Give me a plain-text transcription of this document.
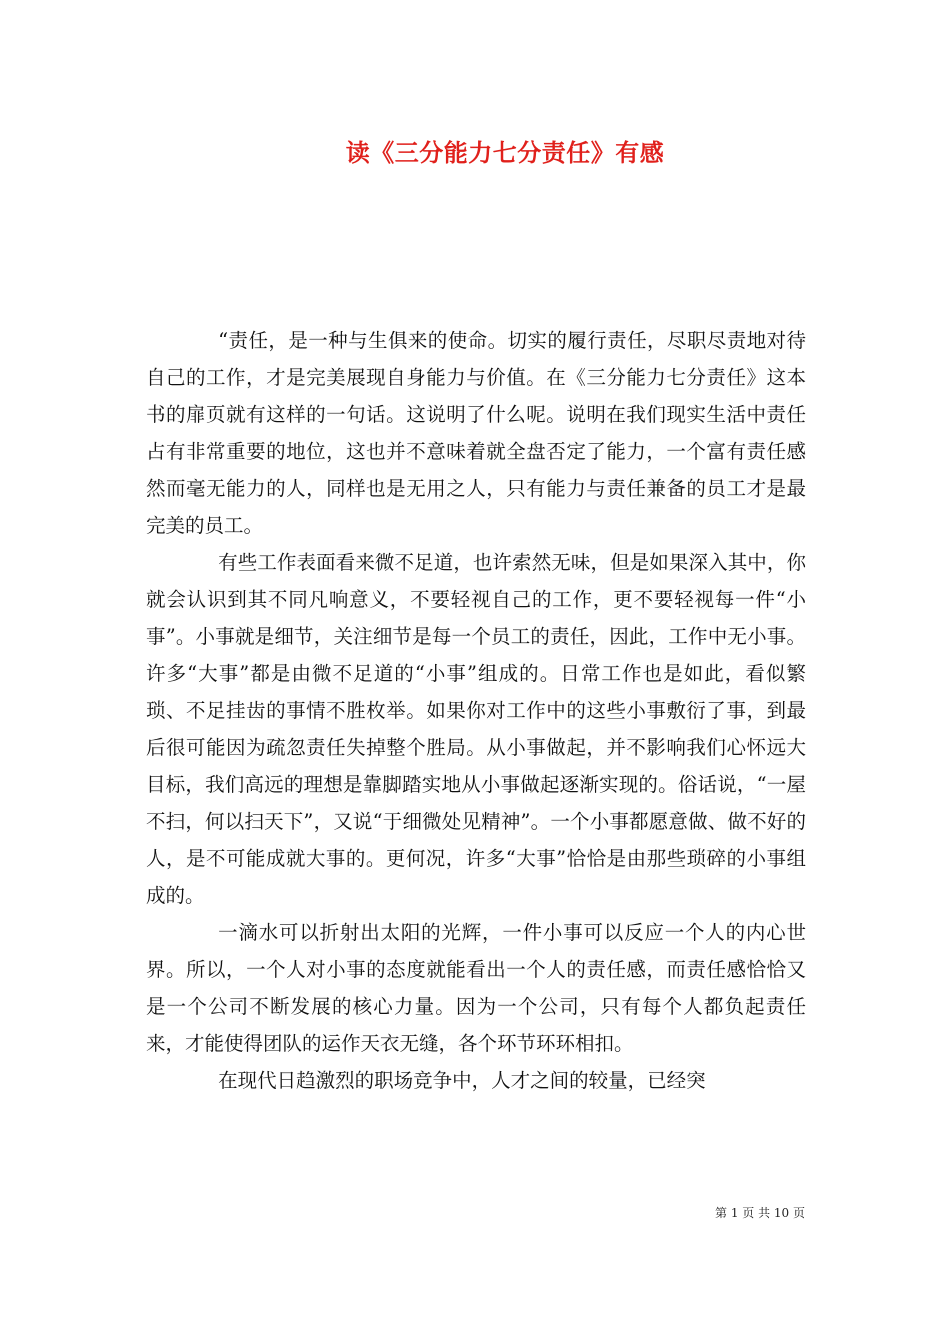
读《三分能力七分责任》有感

“责任，是一种与生俱来的使命。切实的履行责任，尽职尽责地对待自己的工作，才是完美展现自身能力与价值。在《三分能力七分责任》这本书的扉页就有这样的一句话。这说明了什么呢。说明在我们现实生活中责任占有非常重要的地位，这也并不意味着就全盘否定了能力，一个富有责任感然而毫无能力的人，同样也是无用之人，只有能力与责任兼备的员工才是最完美的员工。

有些工作表面看来微不足道，也许索然无味，但是如果深入其中，你就会认识到其不同凡响意义，不要轻视自己的工作，更不要轻视每一件“小事”。小事就是细节，关注细节是每一个员工的责任，因此，工作中无小事。许多“大事”都是由微不足道的“小事”组成的。日常工作也是如此，看似繁琐、不足挂齿的事情不胜枚举。如果你对工作中的这些小事敷衍了事，到最后很可能因为疏忽责任失掉整个胜局。从小事做起，并不影响我们心怀远大目标，我们高远的理想是靠脚踏实地从小事做起逐渐实现的。俗话说，“一屋不扫，何以扫天下”，又说“于细微处见精神”。一个小事都愿意做、做不好的人，是不可能成就大事的。更何况，许多“大事”恰恰是由那些琐碎的小事组成的。

一滴水可以折射出太阳的光辉，一件小事可以反应一个人的内心世界。所以，一个人对小事的态度就能看出一个人的责任感，而责任感恰恰又是一个公司不断发展的核心力量。因为一个公司，只有每个人都负起责任来，才能使得团队的运作天衣无缝，各个环节环环相扣。

在现代日趋激烈的职场竞争中，人才之间的较量，已经突

第 1 页 共 10 页
